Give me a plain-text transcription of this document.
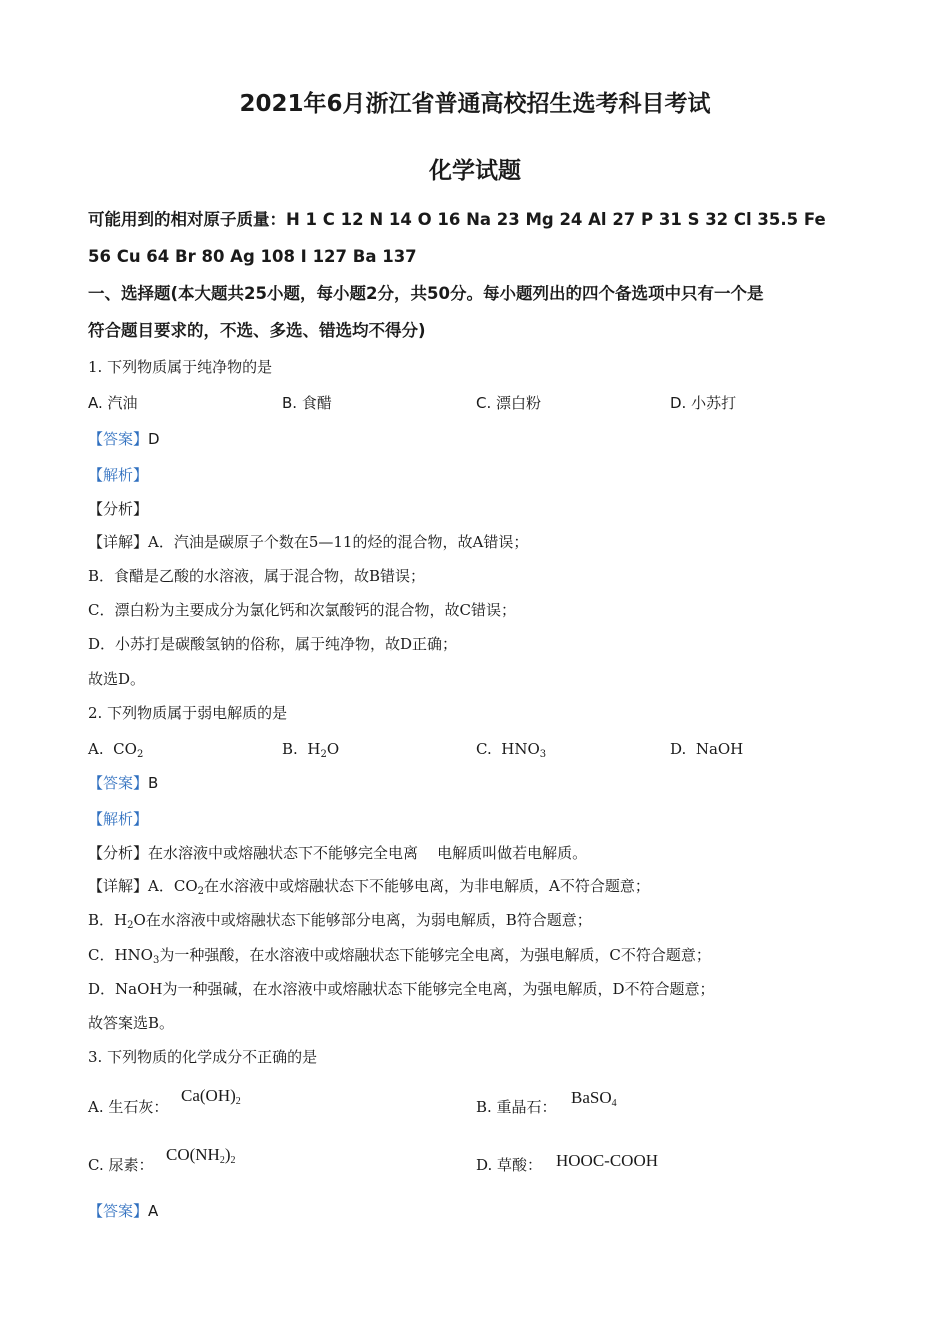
2021年6月浙江省普通高校招生选考科目考试
化学试题
可能用到的相对原子质量：H 1 C 12 N 14 O 16 Na 23 Mg 24 Al 27 P 31 S 32 Cl 35.5 Fe
56 Cu 64 Br 80 Ag 108 I 127 Ba 137
一、选择题(本大题共25小题，每小题2分，共50分。每小题列出的四个备选项中只有一个是
符合题目要求的，不选、多选、错选均不得分)
1. 下列物质属于纯净物的是
A. 汽油	B. 食醋	C. 漂白粉	D. 小苏打
【答案】D
【解析】
【分析】
【详解】A．汽油是碳原子个数在5—11的烃的混合物，故A错误；
B．食醋是乙酸的水溶液，属于混合物，故B错误；
C．漂白粉为主要成分为氯化钙和次氯酸钙的混合物，故C错误；
D．小苏打是碳酸氢钠的俗称，属于纯净物，故D正确；
故选D。
2. 下列物质属于弱电解质的是
A. $CO_2$	B. $H_2O$	C. $HNO_3$	D. NaOH
【答案】B
【解析】
【分析】在水溶液中或熔融状态下不能够完全电离    电解质叫做若电解质。
【详解】A．$CO_2$在水溶液中或熔融状态下不能够电离，为非电解质，A不符合题意；
B．$H_2O$在水溶液中或熔融状态下能够部分电离，为弱电解质，B符合题意；
C．$HNO_3$为一种强酸，在水溶液中或熔融状态下能够完全电离，为强电解质，C不符合题意；
D．NaOH为一种强碱，在水溶液中或熔融状态下能够完全电离，为强电解质，D不符合题意；
故答案选B。
3. 下列物质的化学成分不正确的是
A. 生石灰：
$Ca(OH)_2$	B. 重晶石： BaSO$_4$
C. 尿素：
$CO(NH_2)_2$	D. 草酸： HOOC-COOH
【答案】A
